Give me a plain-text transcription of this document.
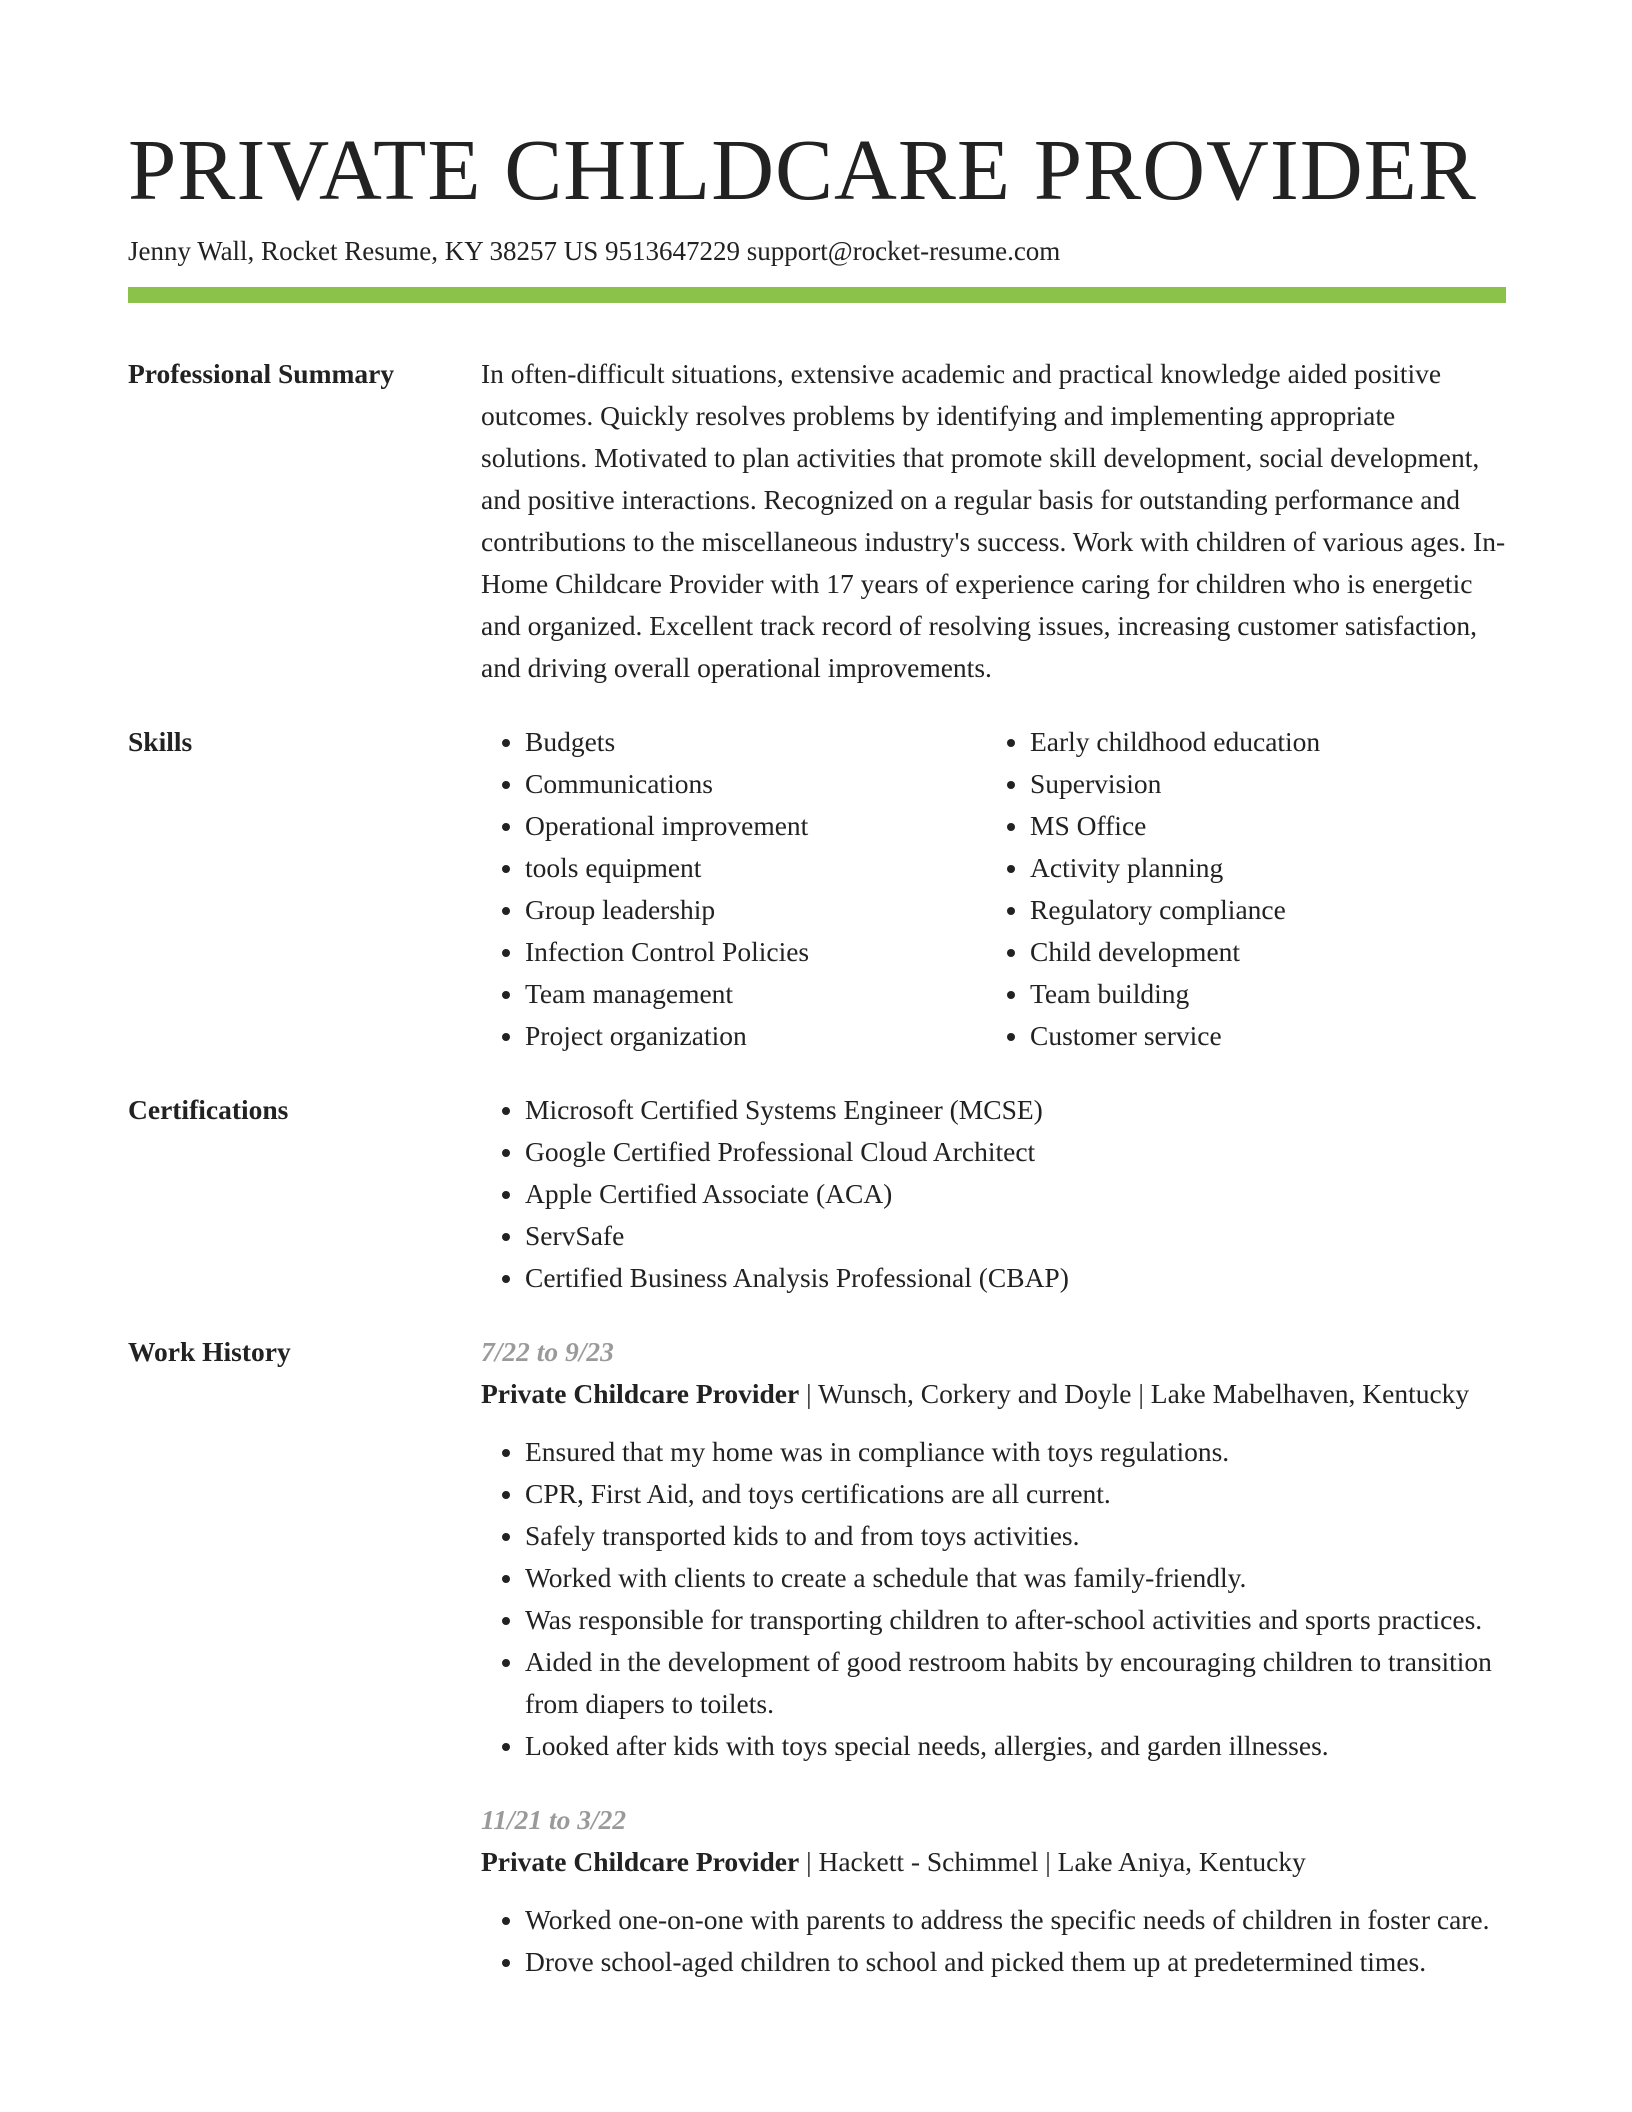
PRIVATE CHILDCARE PROVIDER
Jenny Wall, Rocket Resume, KY 38257 US 9513647229 support@rocket-resume.com
Professional Summary	In often-difficult situations, extensive academic and practical knowledge aided positive outcomes. Quickly resolves problems by identifying and implementing appropriate solutions. Motivated to plan activities that promote skill development, social development, and positive interactions. Recognized on a regular basis for outstanding performance and contributions to the miscellaneous industry's success. Work with children of various ages. In-Home Childcare Provider with 17 years of experience caring for children who is energetic and organized. Excellent track record of resolving issues, increasing customer satisfaction, and driving overall operational improvements.

Skills	• Budgets
• Communications
• Operational improvement
• tools equipment
• Group leadership
• Infection Control Policies
• Team management
• Project organization
• Early childhood education
• Supervision
• MS Office
• Activity planning
• Regulatory compliance
• Child development
• Team building
• Customer service
Certifications	• Microsoft Certified Systems Engineer (MCSE)
• Google Certified Professional Cloud Architect
• Apple Certified Associate (ACA)
• ServSafe
• Certified Business Analysis Professional (CBAP)
Work History	7/22 to 9/23
Private Childcare Provider | Wunsch, Corkery and Doyle | Lake Mabelhaven, Kentucky
• Ensured that my home was in compliance with toys regulations.
• CPR, First Aid, and toys certifications are all current.
• Safely transported kids to and from toys activities.
• Worked with clients to create a schedule that was family-friendly.
• Was responsible for transporting children to after-school activities and sports practices.
• Aided in the development of good restroom habits by encouraging children to transition from diapers to toilets.
• Looked after kids with toys special needs, allergies, and garden illnesses.
11/21 to 3/22
Private Childcare Provider | Hackett - Schimmel | Lake Aniya, Kentucky
• Worked one-on-one with parents to address the specific needs of children in foster care.
• Drove school-aged children to school and picked them up at predetermined times.
